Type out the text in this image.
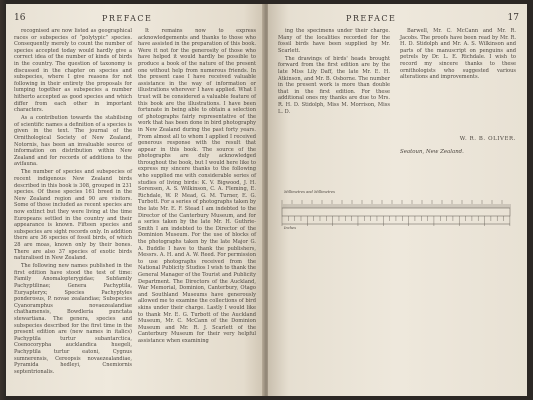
16	PREFACE

recognised are now listed as geographical races or subspecies of “polytypic” species. Consequently merely to count the number of species accepted today would hardly give a correct idea of the number of kinds of birds in the country. The question of taxonomy is discussed in the chapter on species and subspecies, where I give reasons for not following in their entirety the proposals for lumping together as subspecies a number hitherto accepted as good species and which differ from each other in important characters.

As a contribution towards the stabilising of scientific names a definition of a species is given in the text. The journal of the Ornithological Society of New Zealand, Notornis, has been an invaluable source of information on distribution within New Zealand and for records of additions to the avifauna.

The number of species and subspecies of recent indigenous New Zealand birds described in this book is 308, grouped in 231 species. Of these species 161 breed in the New Zealand region and 90 are visitors. Some of those included as recent species are now extinct but they were living at the time Europeans settled in the country and their appearance is known. Fifteen species and subspecies are sight records only. In addition there are 36 species of fossil birds, of which 28 are moas, known only by their bones. There are also 37 species of exotic birds naturalised in New Zealand.

The following new names published in the first edition have stood the test of time: Family Anomalopterygidae; Subfamily Pachyptilinae; Genera Pachyptila, Euryapteryx; Species Pachyptyles ponderosus, P. novae zealandiae; Subspecies Cyanoramphus novaezealandiae chathamensis, Bowdleria punctata stewartiana. The genera, species and subspecies described for the first time in the present edition are (new names in italics) Pachyptila turtur subantarctica, Coenocorypha aucklandica huegeli, Pachyptila turtur eatoni, Cygnus sumnerensis, Cereopsis novaezealandiae, Pyramida hedleyi, Cnemiornis septentrionalis.

It remains now to express acknowledgements and thanks to those who have assisted in the preparation of this book. Were it not for the generosity of those who have helped it would hardly be possible to produce a book of the nature of the present one without help from numerous friends. In the present case I have received valuable assistance in the way of information or illustrations wherever I have applied. What I trust will be considered a valuable feature of this book are the illustrations. I have been fortunate in being able to obtain a selection of photographs fairly representative of the work that has been done in bird photography in New Zealand during the past forty years. From almost all to whom I applied I received generous response with the result that appear in this book. The source of the photographs are duly acknowledged throughout the book, but I would here like to express my sincere thanks to the following who supplied me with considerable series of studies of living birds: K. V. Bigwood, J. H. Sorensen, A. S. Wilkinson, C. A. Fleming, E. Richdale, W. P. Mead, G. M. Turner, E. G. Turbott. For a series of photographs taken by the late Mr. E. F. Stead I am indebted to the Director of the Canterbury Museum, and for a series taken by the late Mr. H. Guthrie-Smith I am indebted to the Director of the Dominion Museum. For the use of blocks of the photographs taken by the late Major G. A. Buddle I have to thank the publishers, Messrs. A. H. and A. W. Reed. For permission to use photographs received from the National Publicity Studios I wish to thank the General Manager of the Tourist and Publicity Department. The Directors of the Auckland, War Memorial, Dominion, Canterbury, Otago and Southland Museums have generously allowed me to examine the collections of bird skins under their charge. Lastly I would like to thank Mr. E. G. Turbott of the Auckland Museum, Mr. C. McCann of the Dominion Museum and Mr. R. J. Scarlett of the Canterbury Museum for their very helpful assistance when examining

17
PREFACE

ing the specimens under their charge. Many of the localities recorded for the fossil birds have been supplied by Mr. Scarlett.

The drawings of birds' heads brought forward from the first edition are by the late Miss Lily Daff, the late Mr. E. H. Atkinson, and Mr. B. Osborne. The number in the present work is more than double that in the first edition. For these additional ones my thanks are due to Mrs. R. H. D. Stidolph, Miss M. Morrison, Miss L. D.

Barwell, Mr. C. McCann and Mr. R. Jacobs. The proofs have been read by Mr. R. H. D. Stidolph and Mr. A. S. Wilkinson and parts of the manuscript on penguins and petrels by Dr. L. E. Richdale. I wish to record my sincere thanks to these ornithologists who suggested various alterations and improvements.

W. R. B. OLIVER.
Seatoun, New Zealand.
Millimetres and Millimetres
Inches
